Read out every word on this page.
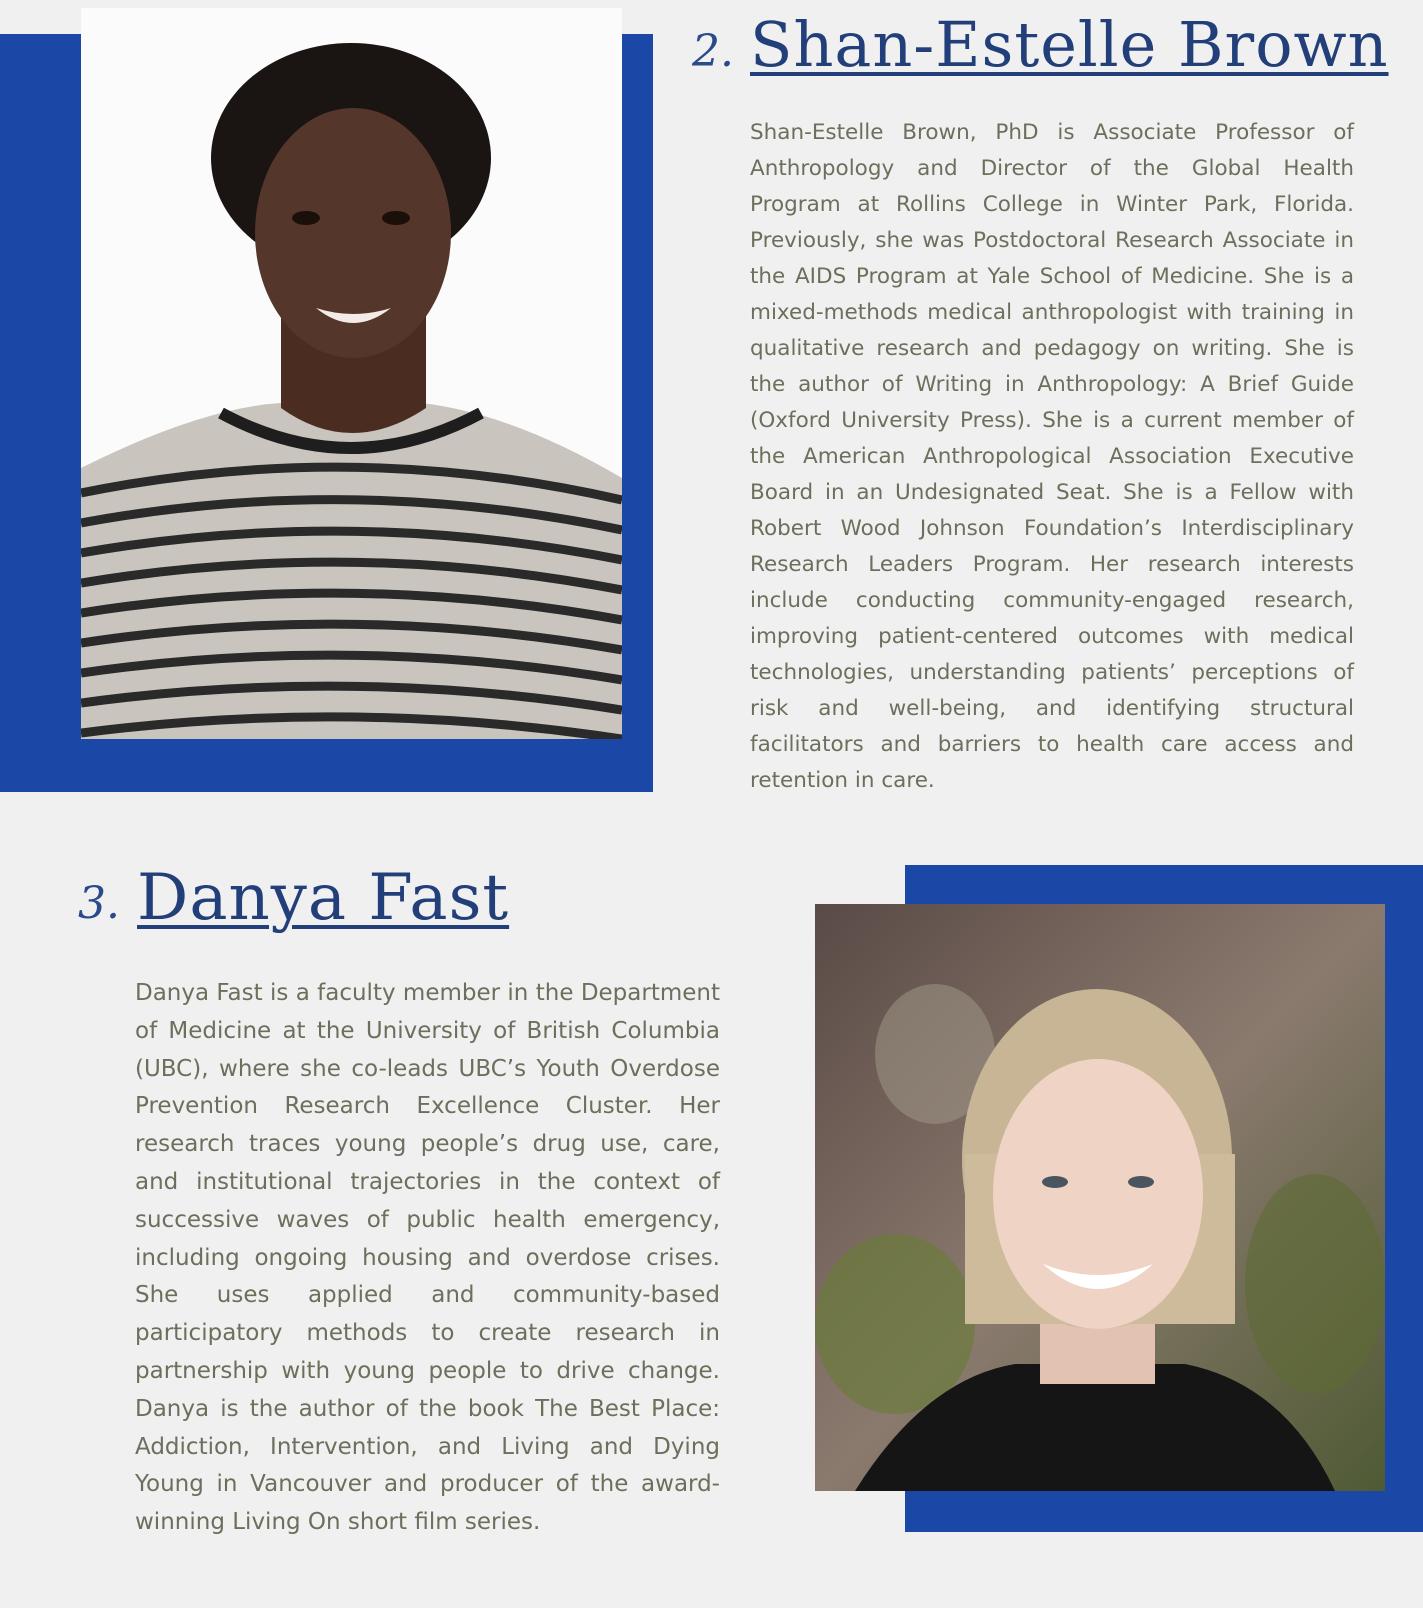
2. Shan-Estelle Brown

Shan-Estelle Brown, PhD is Associate Professor of Anthropology and Director of the Global Health Program at Rollins College in Winter Park, Florida. Previously, she was Postdoctoral Research Associate in the AIDS Program at Yale School of Medicine. She is a mixed-methods medical anthropologist with training in qualitative research and pedagogy on writing. She is the author of Writing in Anthropology: A Brief Guide (Oxford University Press). She is a current member of the American Anthropological Association Executive Board in an Undesignated Seat. She is a Fellow with Robert Wood Johnson Foundation’s Interdisciplinary Research Leaders Program. Her research interests include conducting community-engaged research, improving patient-centered outcomes with medical technologies, understanding patients’ perceptions of risk and well-being, and identifying structural facilitators and barriers to health care access and retention in care.

3. Danya Fast

Danya Fast is a faculty member in the Department of Medicine at the University of British Columbia (UBC), where she co-leads UBC’s Youth Overdose Prevention Research Excellence Cluster. Her research traces young people’s drug use, care, and institutional trajectories in the context of successive waves of public health emergency, including ongoing housing and overdose crises. She uses applied and community-based participatory methods to create research in partnership with young people to drive change. Danya is the author of the book The Best Place: Addiction, Intervention, and Living and Dying Young in Vancouver and producer of the award-winning Living On short film series.
